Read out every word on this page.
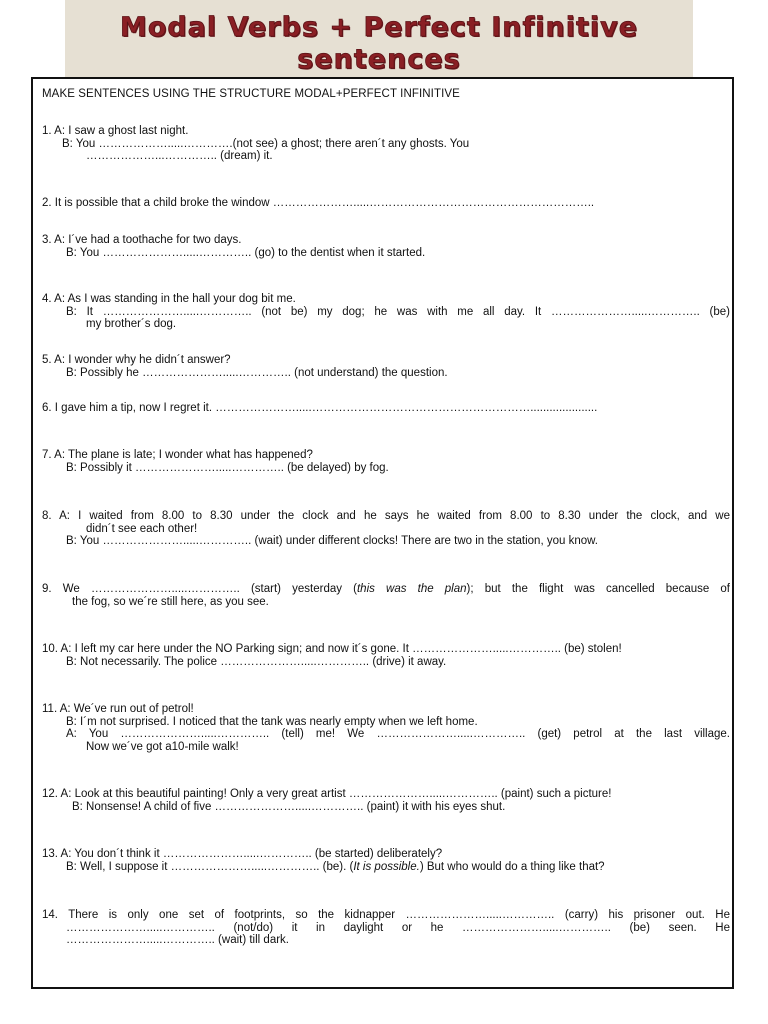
Modal Verbs + Perfect Infinitive
sentences
MAKE SENTENCES USING THE STRUCTURE MODAL+PERFECT INFINITIVE
1. A: I saw a ghost last night.
B: You ……………….....………….(not see) a ghost; there aren´t any ghosts. You
………………...………….. (dream) it.
2. It is possible that a child broke the window ………………….....…………………………………………………..
3. A: I´ve had a toothache for two days.
B: You ………………….....………….. (go) to the dentist when it started.
4. A: As I was standing in the hall your dog bit me.
B: It ………………….....………….. (not be) my dog; he was with me all day. It ………………….....………….. (be)
my brother´s dog.
5. A: I wonder why he didn´t answer?
B: Possibly he ………………….....………….. (not understand) the question.
6. I gave him a tip, now I regret it. ………………….....………………………………………………….....................
7. A: The plane is late; I wonder what has happened?
B: Possibly it ………………….....………….. (be delayed) by fog.
8. A: I waited from 8.00 to 8.30 under the clock and he says he waited from 8.00 to 8.30 under the clock, and we
didn´t see each other!
B: You ………………….....………….. (wait) under different clocks! There are two in the station, you know.
9. We ………………….....………….. (start) yesterday (this was the plan); but the flight was cancelled because of
the fog, so we´re still here, as you see.
10. A: I left my car here under the NO Parking sign; and now it´s gone. It ………………….....………….. (be) stolen!
B: Not necessarily. The police ………………….....………….. (drive) it away.
11. A: We´ve run out of petrol!
B: I´m not surprised. I noticed that the tank was nearly empty when we left home.
A: You ………………….....………….. (tell) me! We ………………….....………….. (get) petrol at the last village.
Now we´ve got a10-mile walk!
12. A: Look at this beautiful painting! Only a very great artist ………………….....………….. (paint) such a picture!
B: Nonsense! A child of five ………………….....………….. (paint) it with his eyes shut.
13. A: You don´t think it ………………….....………….. (be started) deliberately?
B: Well, I suppose it ………………….....………….. (be). (It is possible.) But who would do a thing like that?
14. There is only one set of footprints, so the kidnapper ………………….....………….. (carry) his prisoner out. He
………………….....………….. (not/do) it in daylight or he ………………….....………….. (be) seen. He
………………….....………….. (wait) till dark.
